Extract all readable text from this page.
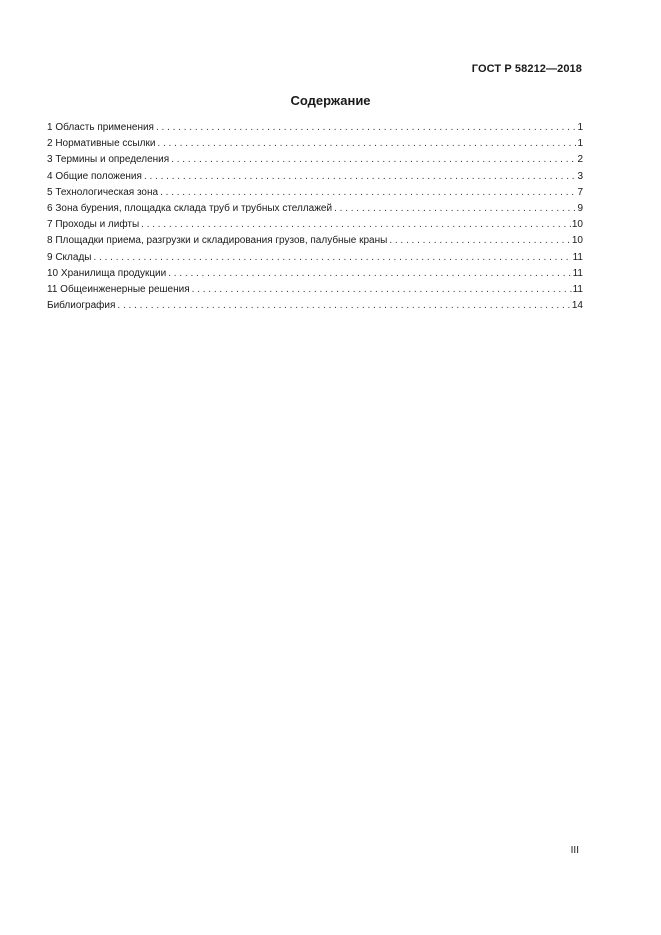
ГОСТ Р 58212—2018
Содержание
1 Область применения . . .	1
2 Нормативные ссылки . . .	1
3 Термины и определения . . .	2
4 Общие положения . . .	3
5 Технологическая зона . . .	7
6 Зона бурения, площадка склада труб и трубных стеллажей . . .	9
7 Проходы и лифты . . .	10
8 Площадки приема, разгрузки и складирования грузов, палубные краны . . .	10
9 Склады . . .	11
10 Хранилища продукции . . .	11
11 Общеинженерные решения . . .	11
Библиография . . .	14
III
